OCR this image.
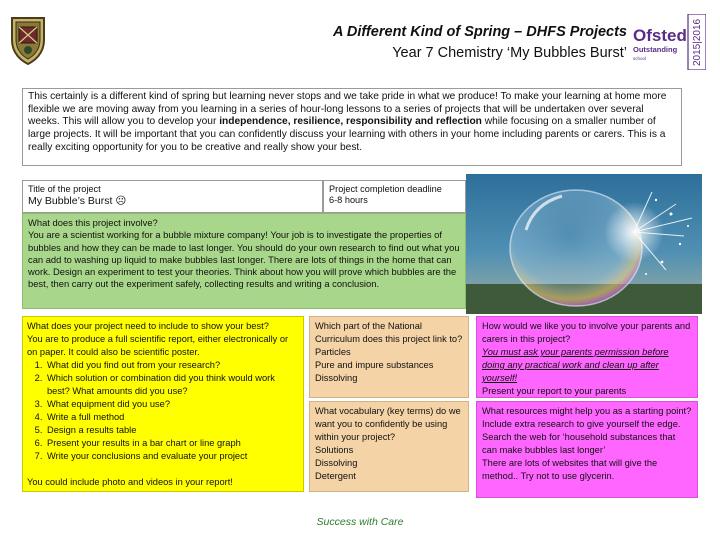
A Different Kind of Spring – DHFS Projects
Year 7 Chemistry ‘My Bubbles Burst’
Ofsted
Outstanding
school	2015|2016
This certainly is a different kind of spring but learning never stops and we take pride in what we produce! To make your learning at home more flexible we are moving away from you learning in a series of hour-long lessons to a series of projects that will be undertaken over several weeks. This will allow you to develop your independence, resilience, responsibility and reflection while focusing on a smaller number of large projects. It will be important that you can confidently discuss your learning with others in your home including parents or carers. This is a really exciting opportunity for you to be creative and really show your best.
Title of the project
My Bubble’s Burst ☹
Project completion deadline
6-8 hours
What does this project involve?
You are a scientist working for a bubble mixture company! Your job is to investigate the properties of bubbles and how they can be made to last longer. You should do your own research to find out what you can add to washing up liquid to make bubbles last longer. There are lots of things in the home that can work. Design an experiment to test your theories. Think about how you will prove which bubbles are the best, then carry out the experiment safely, collecting results and writing a conclusion.
What does your project need to include to show your best?
You are to produce a full scientific report, either electronically or on paper. It could also be scientific poster.
1. What did you find out from your research?
2. Which solution or combination did you think would work best? What amounts did you use?
3. What equipment did you use?
4. Write a full method
5. Design a results table
6. Present your results in a bar chart or line graph
7. Write your conclusions and evaluate your project
You could include photo and videos in your report!
Which part of the National Curriculum does this project link to?
Particles
Pure and impure substances
Dissolving
What vocabulary (key terms) do we want you to confidently be using within your project?
Solutions
Dissolving
Detergent
How would we like you to involve your parents and carers in this project?
You must ask your parents permission before doing any practical work and clean up after yourself!
Present your report to your parents
What resources might help you as a starting point? Include extra research to give yourself the edge.
Search the web for ‘household substances that can make bubbles last longer’
There are lots of websites that will give the method.. Try not to use glycerin.
Success with Care
